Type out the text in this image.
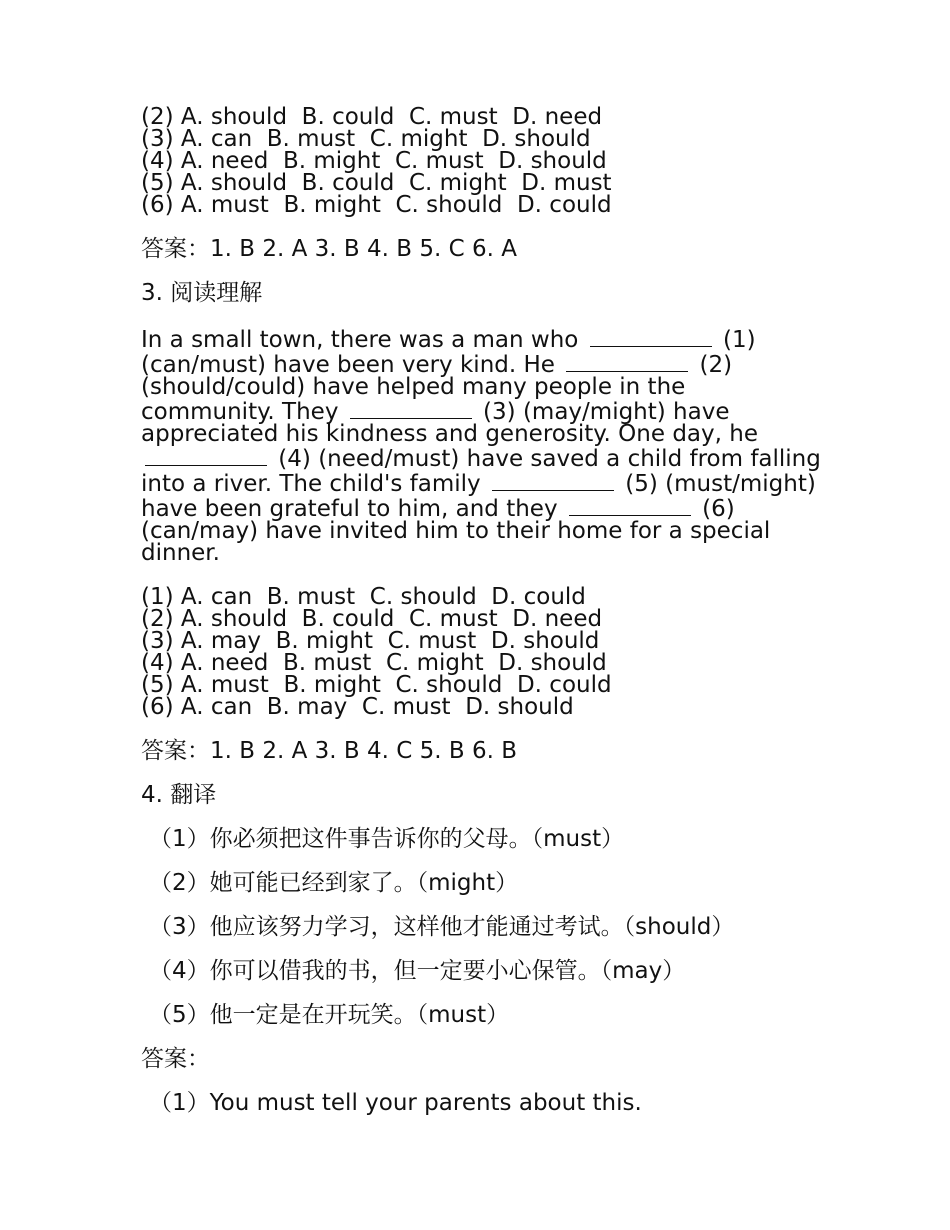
(2) A. should  B. could  C. must  D. need

(3) A. can  B. must  C. might  D. should

(4) A. need  B. might  C. must  D. should

(5) A. should  B. could  C. might  D. must

(6) A. must  B. might  C. should  D. could

答案：1. B 2. A 3. B 4. B 5. C 6. A

3. 阅读理解

In a small town, there was a man who	(1) (can/must) have been very kind. He	(2) (should/could) have helped many people in the community. They	(3) (may/might) have appreciated his kindness and generosity. One day, he  (4) (need/must) have saved a child from falling into a river. The child's family	(5) (must/might) have been grateful to him, and they	(6) (can/may) have invited him to their home for a special dinner.

(1) A. can  B. must  C. should  D. could

(2) A. should  B. could  C. must  D. need

(3) A. may  B. might  C. must  D. should

(4) A. need  B. must  C. might  D. should

(5) A. must  B. might  C. should  D. could

(6) A. can  B. may  C. must  D. should

答案：1. B 2. A 3. B 4. C 5. B 6. B

4. 翻译

（1）你必须把这件事告诉你的父母。（must）

（2）她可能已经到家了。（might）

（3）他应该努力学习，这样他才能通过考试。（should）

（4）你可以借我的书，但一定要小心保管。（may）

（5）他一定是在开玩笑。（must）

答案：

（1）You must tell your parents about this.
